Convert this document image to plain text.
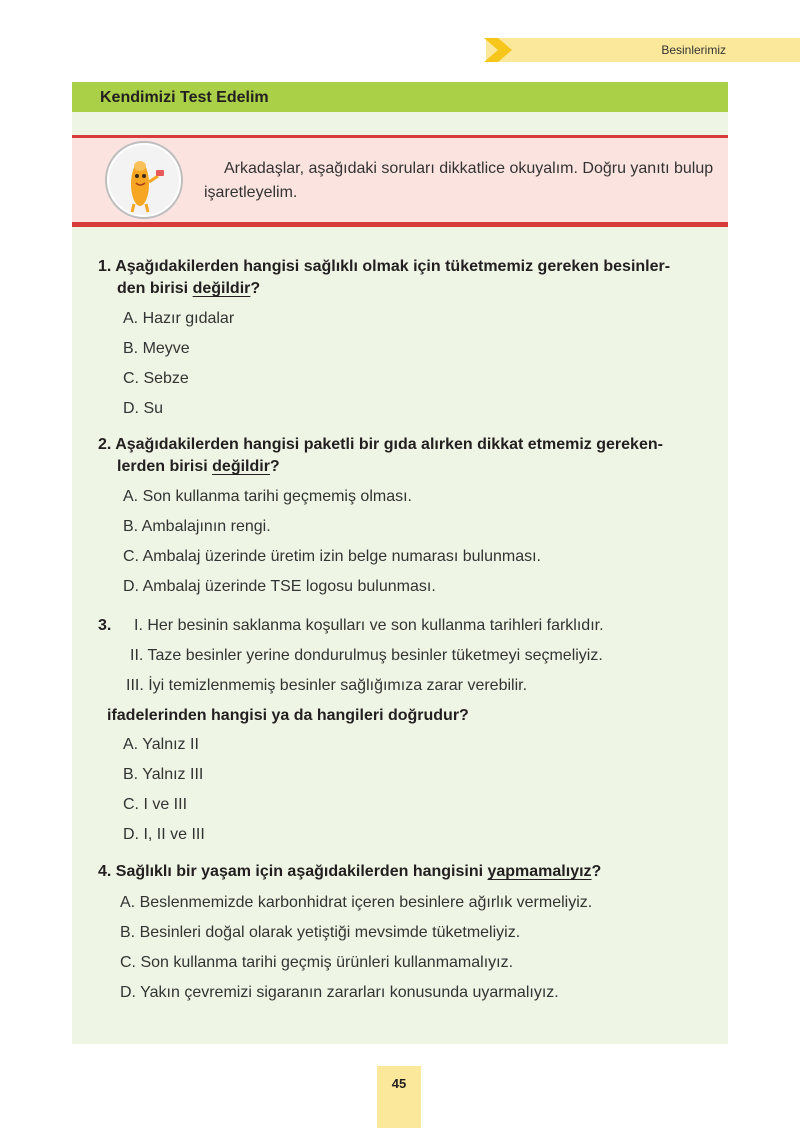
Besinlerimiz
Kendimizi Test Edelim
Arkadaşlar, aşağıdaki soruları dikkatlice okuyalım. Doğru yanıtı bulup işaretleyelim.
1. Aşağıdakilerden hangisi sağlıklı olmak için tüketmemiz gereken besinler-
den birisi değildir?
A. Hazır gıdalar
B. Meyve
C. Sebze
D. Su
2. Aşağıdakilerden hangisi paketli bir gıda alırken dikkat etmemiz gereken-
lerden birisi değildir?
A. Son kullanma tarihi geçmemiş olması.
B. Ambalajının rengi.
C. Ambalaj üzerinde üretim izin belge numarası bulunması.
D. Ambalaj üzerinde TSE logosu bulunması.
3. I. Her besinin saklanma koşulları ve son kullanma tarihleri farklıdır.
II. Taze besinler yerine dondurulmuş besinler tüketmeyi seçmeliyiz.
III. İyi temizlenmemiş besinler sağlığımıza zarar verebilir.
ifadelerinden hangisi ya da hangileri doğrudur?
A. Yalnız II
B. Yalnız III
C. I ve III
D. I, II ve III
4. Sağlıklı bir yaşam için aşağıdakilerden hangisini yapmamalıyız?
A. Beslenmemizde karbonhidrat içeren besinlere ağırlık vermeliyiz.
B. Besinleri doğal olarak yetiştiği mevsimde tüketmeliyiz.
C. Son kullanma tarihi geçmiş ürünleri kullanmamalıyız.
D. Yakın çevremizi sigaranın zararları konusunda uyarmalıyız.
45
